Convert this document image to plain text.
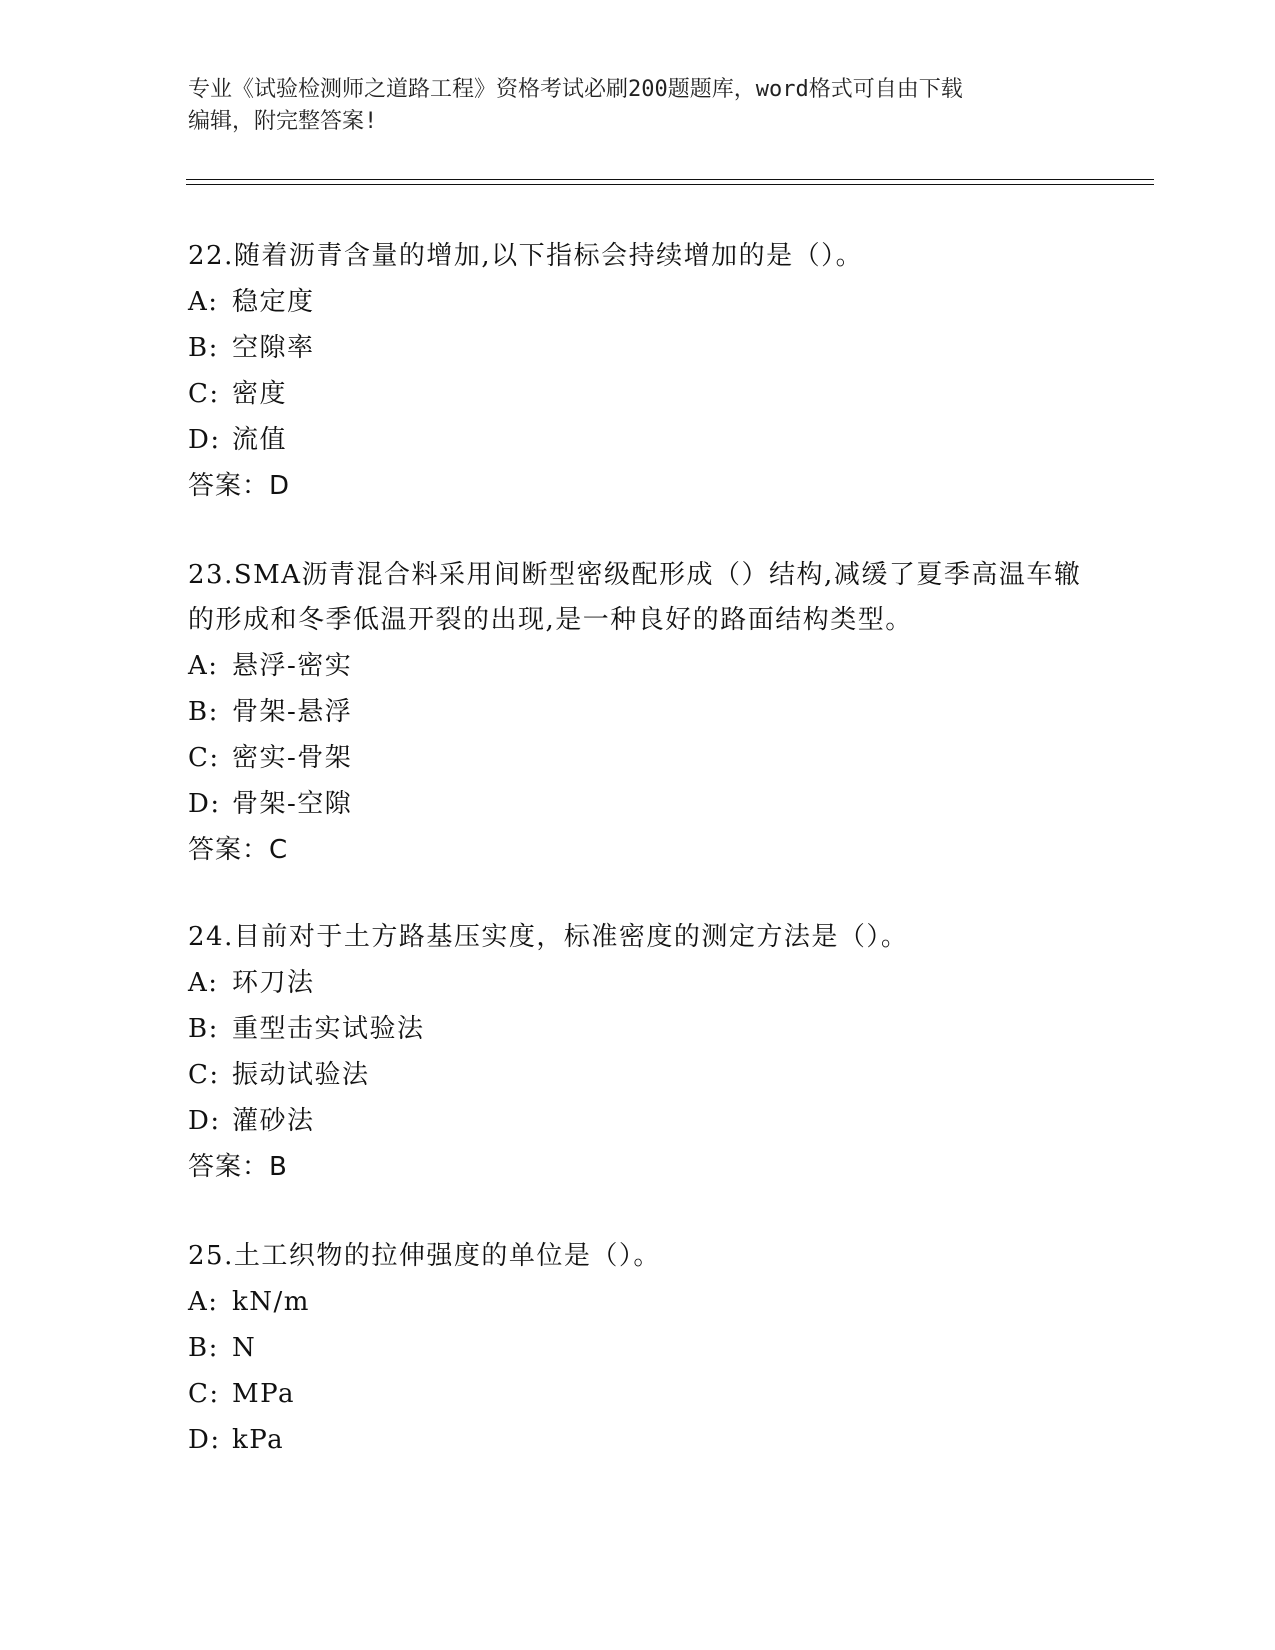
专业《试验检测师之道路工程》资格考试必刷200题题库，word格式可自由下载
编辑，附完整答案!

22.随着沥青含量的增加,以下指标会持续增加的是（）。

A: 稳定度
B: 空隙率
C: 密度
D: 流值
答案： D

23.SMA沥青混合料采用间断型密级配形成（）结构,减缓了夏季高温车辙的形成和冬季低温开裂的出现,是一种良好的路面结构类型。

A: 悬浮-密实
B: 骨架-悬浮
C: 密实-骨架
D: 骨架-空隙
答案： C

24.目前对于土方路基压实度，标准密度的测定方法是（）。

A: 环刀法
B: 重型击实试验法
C: 振动试验法
D: 灌砂法
答案： B

25.土工织物的拉伸强度的单位是（）。

A: kN/m
B: N
C: MPa
D: kPa
